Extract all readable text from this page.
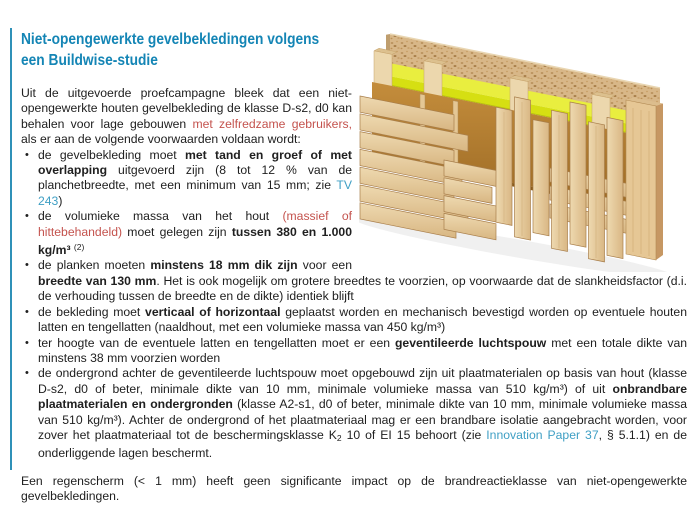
Niet-opengewerkte gevelbekledingen volgens
een Buildwise-studie

Uit de uitgevoerde proefcampagne bleek dat een niet-opengewerkte houten gevelbekleding de klasse D-s2, d0 kan behalen voor lage gebouwen met zelfredzame gebruikers, als er aan de volgende voorwaarden voldaan wordt:

• de gevelbekleding moet met tand en groef of met overlapping uitgevoerd zijn (8 tot 12 % van de planchetbreedte, met een minimum van 15 mm; zie TV 243)
• de volumieke massa van het hout (massief of hittebehandeld) moet gelegen zijn tussen 380 en 1.000 kg/m³ $^{(2)}$
• de planken moeten minstens 18 mm dik zijn voor een breedte van 130 mm. Het is ook mogelijk om grotere breedtes te voorzien, op voorwaarde dat de slankheidsfactor (d.i. de verhouding tussen de breedte en de dikte) identiek blijft
• de bekleding moet verticaal of horizontaal geplaatst worden en mechanisch bevestigd worden op eventuele houten latten en tengellatten (naaldhout, met een volumieke massa van 450 kg/m³)
• ter hoogte van de eventuele latten en tengellatten moet er een geventileerde luchtspouw met een totale dikte van minstens 38 mm voorzien worden
• de ondergrond achter de geventileerde luchtspouw moet opgebouwd zijn uit plaatmaterialen op basis van hout (klasse D-s2, d0 of beter, minimale dikte van 10 mm, minimale volumieke massa van 510 kg/m³) of uit onbrandbare plaatmaterialen en ondergronden (klasse A2-s1, d0 of beter, minimale dikte van 10 mm, minimale volumieke massa van 510 kg/m³). Achter de ondergrond of het plaatmateriaal mag er een brandbare isolatie aangebracht worden, voor zover het plaatmateriaal tot de beschermingsklasse K2 10 of EI 15 behoort (zie Innovation Paper 37, § 5.1.1) en de onderliggende lagen beschermt.

Een regenscherm (< 1 mm) heeft geen significante impact op de brandreactieklasse van niet-opengewerkte gevelbekledingen.
